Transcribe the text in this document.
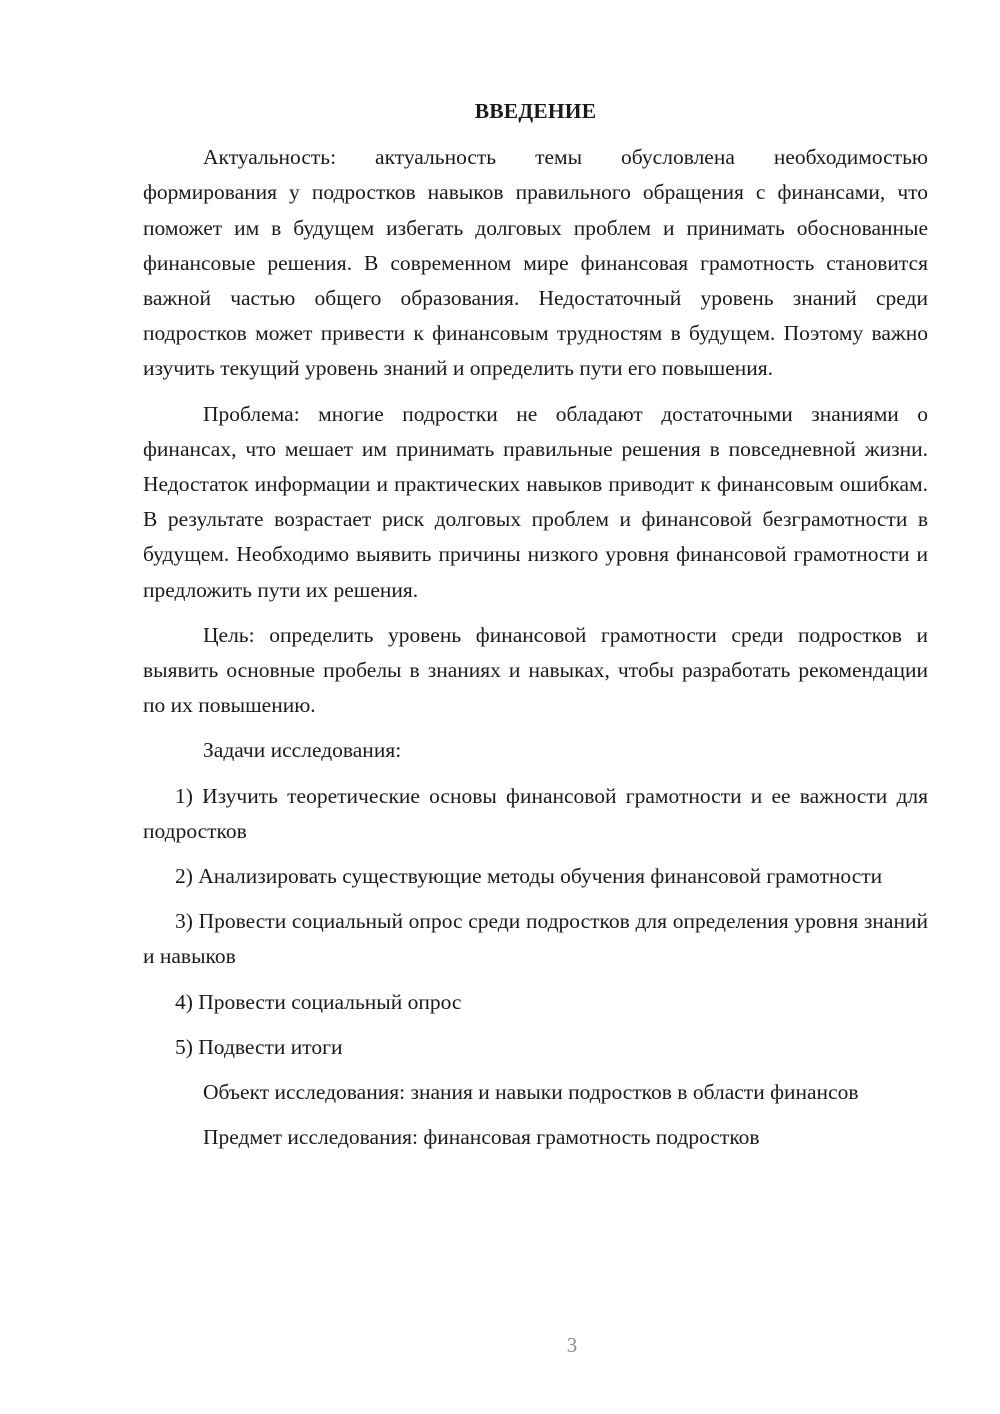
ВВЕДЕНИЕ

Актуальность: актуальность темы обусловлена необходимостью формирования у подростков навыков правильного обращения с финансами, что поможет им в будущем избегать долговых проблем и принимать обоснованные финансовые решения. В современном мире финансовая грамотность становится важной частью общего образования. Недостаточный уровень знаний среди подростков может привести к финансовым трудностям в будущем. Поэтому важно изучить текущий уровень знаний и определить пути его повышения.

Проблема: многие подростки не обладают достаточными знаниями о финансах, что мешает им принимать правильные решения в повседневной жизни. Недостаток информации и практических навыков приводит к финансовым ошибкам. В результате возрастает риск долговых проблем и финансовой безграмотности в будущем. Необходимо выявить причины низкого уровня финансовой грамотности и предложить пути их решения.

Цель: определить уровень финансовой грамотности среди подростков и выявить основные пробелы в знаниях и навыках, чтобы разработать рекомендации по их повышению.

Задачи исследования:

1) Изучить теоретические основы финансовой грамотности и ее важности для подростков

2) Анализировать существующие методы обучения финансовой грамотности

3) Провести социальный опрос среди подростков для определения уровня знаний и навыков

4) Провести социальный опрос

5) Подвести итоги

Объект исследования: знания и навыки подростков в области финансов

Предмет исследования: финансовая грамотность подростков

3
